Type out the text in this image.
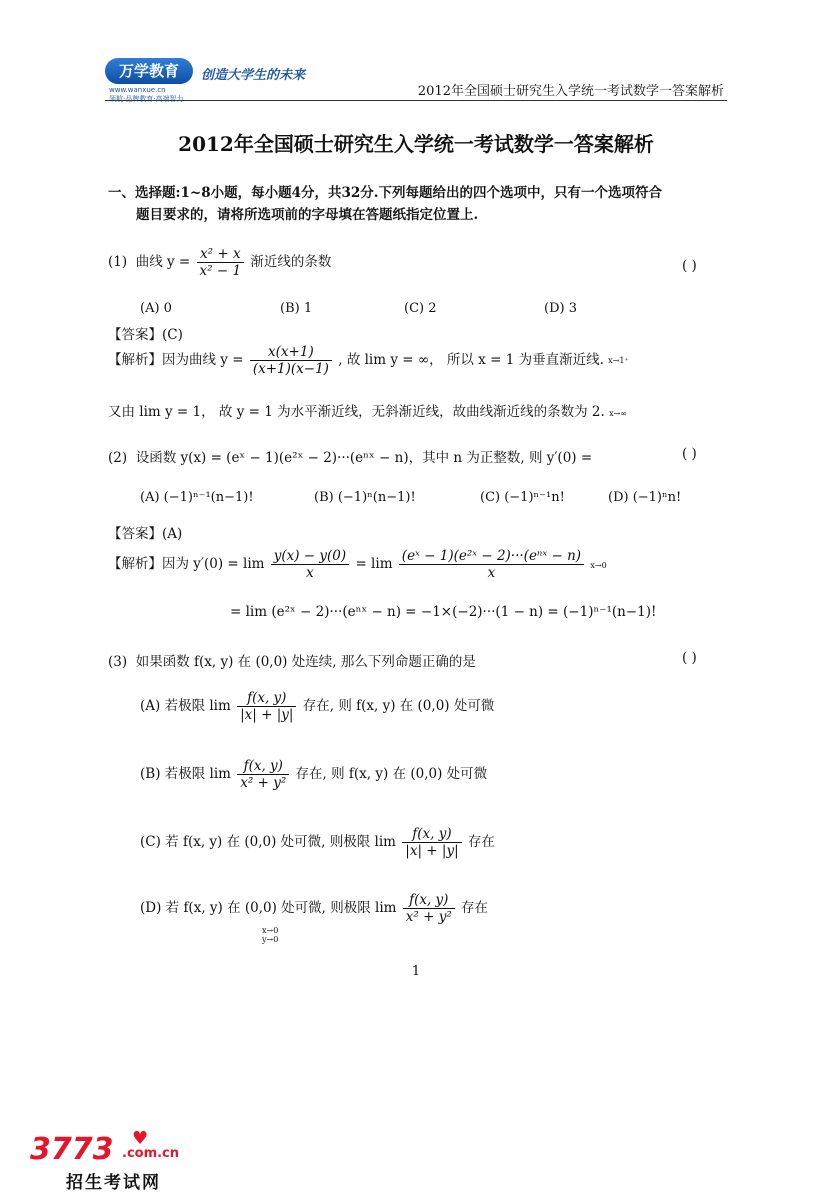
万学教育
www.wanxue.cn
领航·品牌教育·高端智力
创造大学生的未来
2012年全国硕士研究生入学统一考试数学一答案解析
2012年全国硕士研究生入学统一考试数学一答案解析
一、选择题:1~8小题，每小题4分，共32分.下列每题给出的四个选项中，只有一个选项符合
题目要求的，请将所选项前的字母填在答题纸指定位置上.
(1) 曲线 $y = \frac{\text{x² + x}}{\text{x² − 1}}$ 渐近线的条数	( )
(A) 0	(B) 1	(C) 2	(D) 3
【答案】(C)
【解析】因为曲线 $y = \frac{x(x+1)}{(x+1)(x-1)}$ , 故 lim y = ∞， 所以 x = 1 为垂直渐近线. x→1⁺
又由 lim y = 1， 故 y = 1 为水平渐近线，无斜渐近线，故曲线渐近线的条数为 2. x→∞
(2) 设函数 y(x) = (eˣ − 1)(e²ˣ − 2)···(eⁿˣ − n)，其中 n 为正整数, 则 y′(0) =	( )
(A) (−1)ⁿ⁻¹(n−1)!	(B) (−1)ⁿ(n−1)!	(C) (−1)ⁿ⁻¹n!	(D) (−1)ⁿn!
【答案】(A)
【解析】因为 $y'(0) = \lim \frac{y(x) - y(0)}{x} = \lim \frac{\text{(eˣ − 1)(e²ˣ − 2)···(eⁿˣ − n)}}{x} x\to 0$
= lim (e²ˣ − 2)···(eⁿˣ − n) = −1×(−2)···(1 − n) = (−1)ⁿ⁻¹(n−1)!
(3) 如果函数 f(x, y) 在 (0,0) 处连续, 那么下列命题正确的是	( )
(A) 若极限 $\lim \frac{f(x, y)}{|x| + |y|}$ 存在, 则 f(x, y) 在 (0,0) 处可微
(B) 若极限 $\lim \frac{f(x, y)}{\text{x² + y²}}$ 存在, 则 f(x, y) 在 (0,0) 处可微
(C) 若 f(x, y) 在 (0,0) 处可微, 则极限 $\lim \frac{f(x, y)}{|x| + |y|}$ 存在
(D) 若 f(x, y) 在 (0,0) 处可微, 则极限 $\lim \frac{f(x, y)}{\text{x² + y²}}$ 存在
x→0
y→0
1
3773 ♥
.com.cn
招生考试网
